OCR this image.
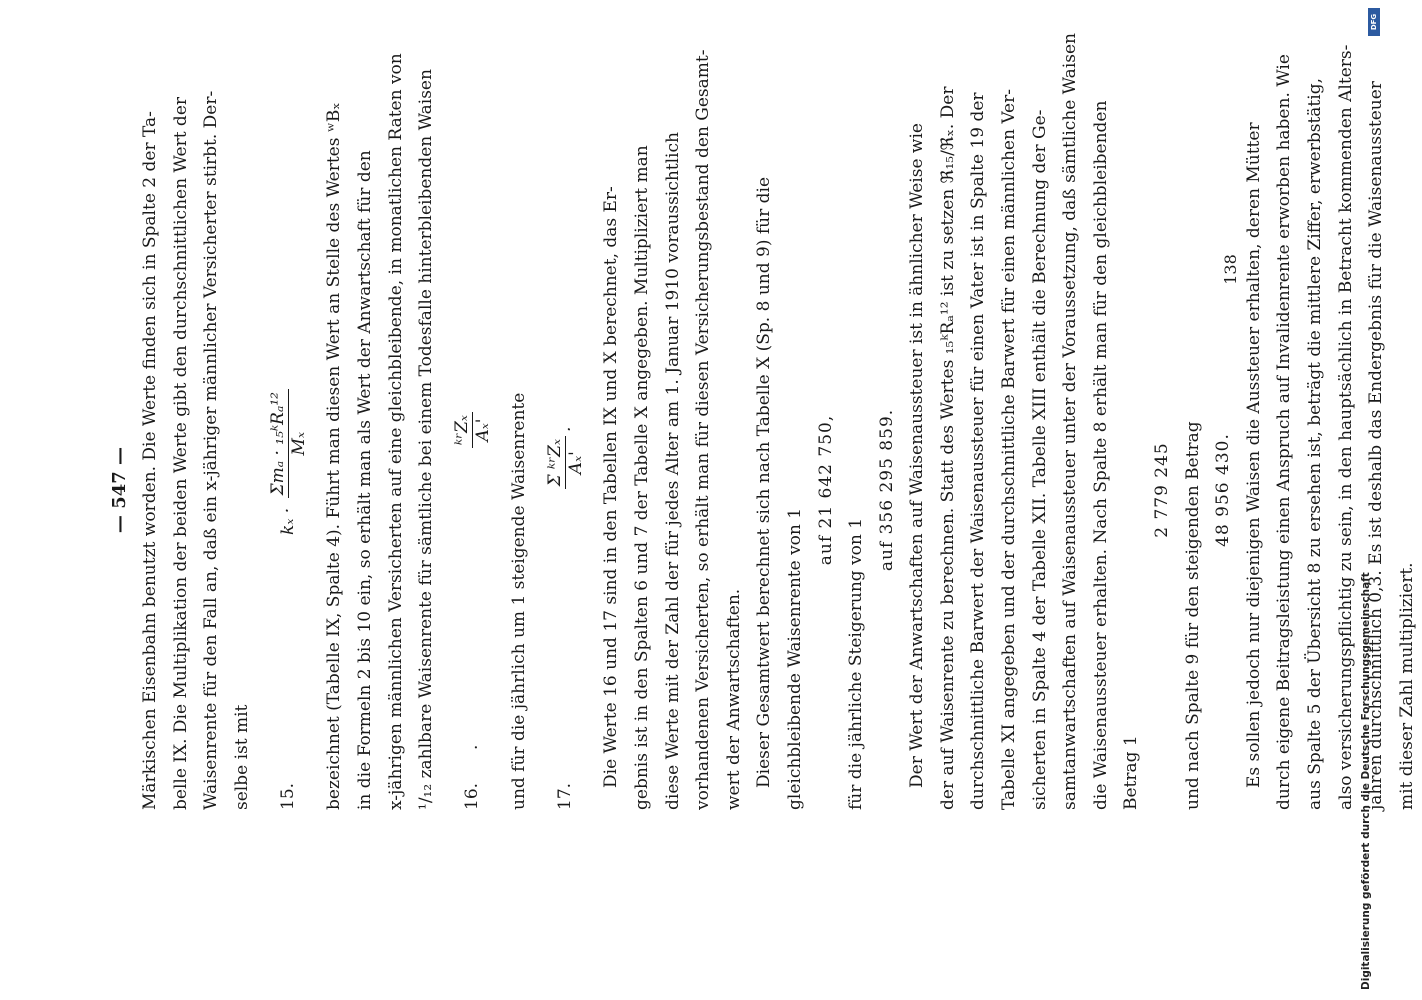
— 547 — Märkischen Eisenbahn benutzt worden. Die Werte finden sich in Spalte 2 der Ta- belle IX. Die Multiplikation der beiden Werte gibt den durchschnittlichen Wert der Waisenrente für den Fall an, daß ein x-jähriger männlicher Versicherter stirbt. Der- selbe ist mit	15.
kₓ ·
Σmₐ · ₁₅ᵏRₐ¹² Mₓ bezeichnet (Tabelle IX, Spalte 4). Führt man diesen Wert an Stelle des Wertes ʷBₓ in die Formeln 2 bis 10 ein, so erhält man als Wert der Anwartschaft für den x-jährigen männlichen Versicherten auf eine gleichbleibende, in monatlichen Raten von ¹/₁₂ zahlbare Waisenrente für sämtliche bei einem Todesfalle hinterbleibenden Waisen	16.
.
ᵏʳZₓ Aₓ' und für die jährlich um 1 steigende Waisenrente	17.
Σ ᵏʳZₓ Aₓ'
.	Die Werte 16 und 17 sind in den Tabellen IX und X berechnet, das Er- gebnis ist in den Spalten 6 und 7 der Tabelle X angegeben. Multipliziert man diese Werte mit der Zahl der für jedes Alter am 1. Januar 1910 voraussichtlich vorhandenen Versicherten, so erhält man für diesen Versicherungsbestand den Gesamt- wert der Anwartschaften. Dieser Gesamtwert berechnet sich nach Tabelle X (Sp. 8 und 9) für die gleichbleibende Waisenrente von 1
auf 21 642 750,
für die jährliche Steigerung von 1
auf 356 295 859. Der Wert der Anwartschaften auf Waisenaussteuer ist in ähnlicher Weise wie der auf Waisenrente zu berechnen. Statt des Wertes ₁₅ᵏRₐ¹² ist zu setzen ℜ₁₅/ℜₓ. Der durchschnittliche Barwert der Waisenaussteuer für einen Vater ist in Spalte 19 der Tabelle XI angegeben und der durchschnittliche Barwert für einen männlichen Ver- sicherten in Spalte 4 der Tabelle XII. Tabelle XIII enthält die Berechnung der Ge- samtanwartschaften auf Waisenaussteuer unter der Voraussetzung, daß sämtliche Waisen die Waisenaussteuer erhalten. Nach Spalte 8 erhält man für den gleichbleibenden Betrag 1
2 779 245 und nach Spalte 9 für den steigenden Betrag 48 956 430. Es sollen jedoch nur diejenigen Waisen die Aussteuer erhalten, deren Mütter durch eigene Beitragsleistung einen Anspruch auf Invalidenrente erworben haben. Wie aus Spalte 5 der Übersicht 8 zu ersehen ist, beträgt die mittlere Ziffer, erwerbstätig, also versicherungspflichtig zu sein, in den hauptsächlich in Betracht kommenden Alters- jahren durchschnittlich 0,3. Es ist deshalb das Endergebnis für die Waisenaussteuer mit dieser Zahl multipliziert.
138
Digitalisierung gefördert durch die Deutsche Forschungsgemeinschaft
DFG
